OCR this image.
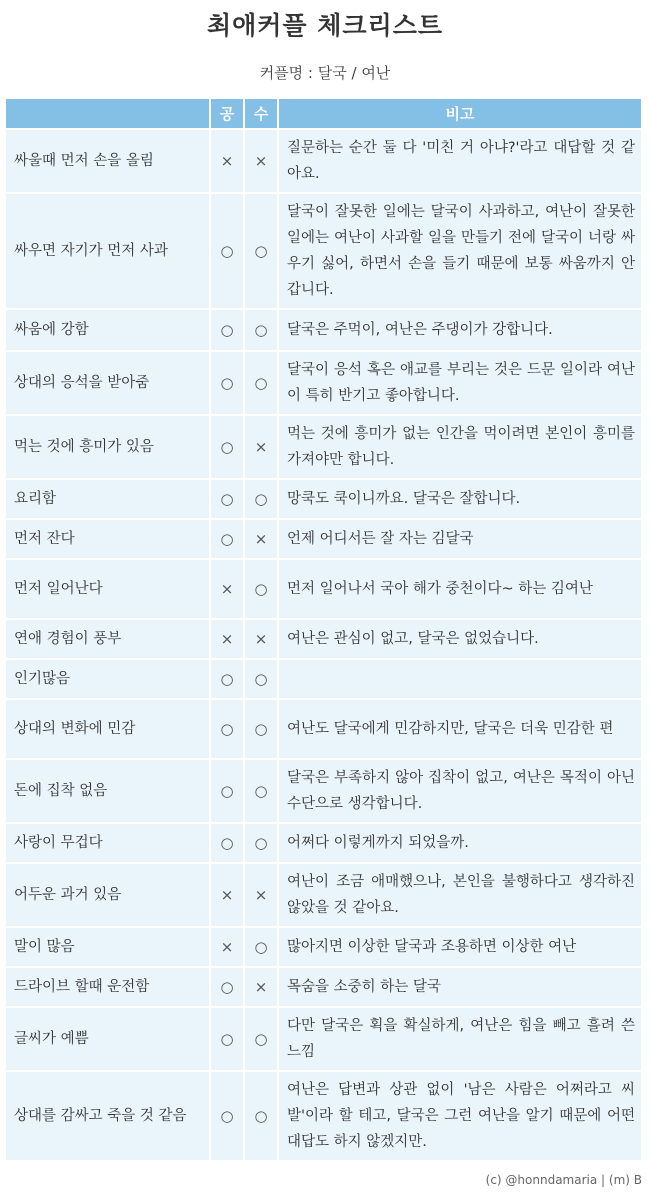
최애커플 체크리스트
커플명 : 달국 / 여난
	공	수	비고
싸울때 먼저 손을 올림	×	×	질문하는 순간 둘 다 '미친 거 아냐?'라고 대답할 것 같아요.
싸우면 자기가 먼저 사과	○	○	달국이 잘못한 일에는 달국이 사과하고, 여난이 잘못한 일에는 여난이 사과할 일을 만들기 전에 달국이 너랑 싸우기 싫어, 하면서 손을 들기 때문에 보통 싸움까지 안 갑니다.
싸움에 강함	○	○	달국은 주먹이, 여난은 주댕이가 강합니다.
상대의 응석을 받아줌	○	○	달국이 응석 혹은 애교를 부리는 것은 드문 일이라 여난이 특히 반기고 좋아합니다.
먹는 것에 흥미가 있음	○	×	먹는 것에 흥미가 없는 인간을 먹이려면 본인이 흥미를 가져야만 합니다.
요리함	○	○	망쿡도 쿡이니까요. 달국은 잘합니다.
먼저 잔다	○	×	언제 어디서든 잘 자는 김달국
먼저 일어난다	×	○	먼저 일어나서 국아 해가 중천이다~ 하는 김여난
연애 경험이 풍부	×	×	여난은 관심이 없고, 달국은 없었습니다.
인기많음	○	○	
상대의 변화에 민감	○	○	여난도 달국에게 민감하지만, 달국은 더욱 민감한 편
돈에 집착 없음	○	○	달국은 부족하지 않아 집착이 없고, 여난은 목적이 아닌 수단으로 생각합니다.
사랑이 무겁다	○	○	어쩌다 이렇게까지 되었을까.
어두운 과거 있음	×	×	여난이 조금 애매했으나, 본인을 불행하다고 생각하진 않았을 것 같아요.
말이 많음	×	○	많아지면 이상한 달국과 조용하면 이상한 여난
드라이브 할때 운전함	○	×	목숨을 소중히 하는 달국
글씨가 예쁨	○	○	다만 달국은 획을 확실하게, 여난은 힘을 빼고 흘려 쓴 느낌
상대를 감싸고 죽을 것 같음	○	○	여난은 답변과 상관 없이 '남은 사람은 어쩌라고 씨발'이라 할 테고, 달국은 그런 여난을 알기 때문에 어떤 대답도 하지 않겠지만.
(c) @honndamaria | (m) B
